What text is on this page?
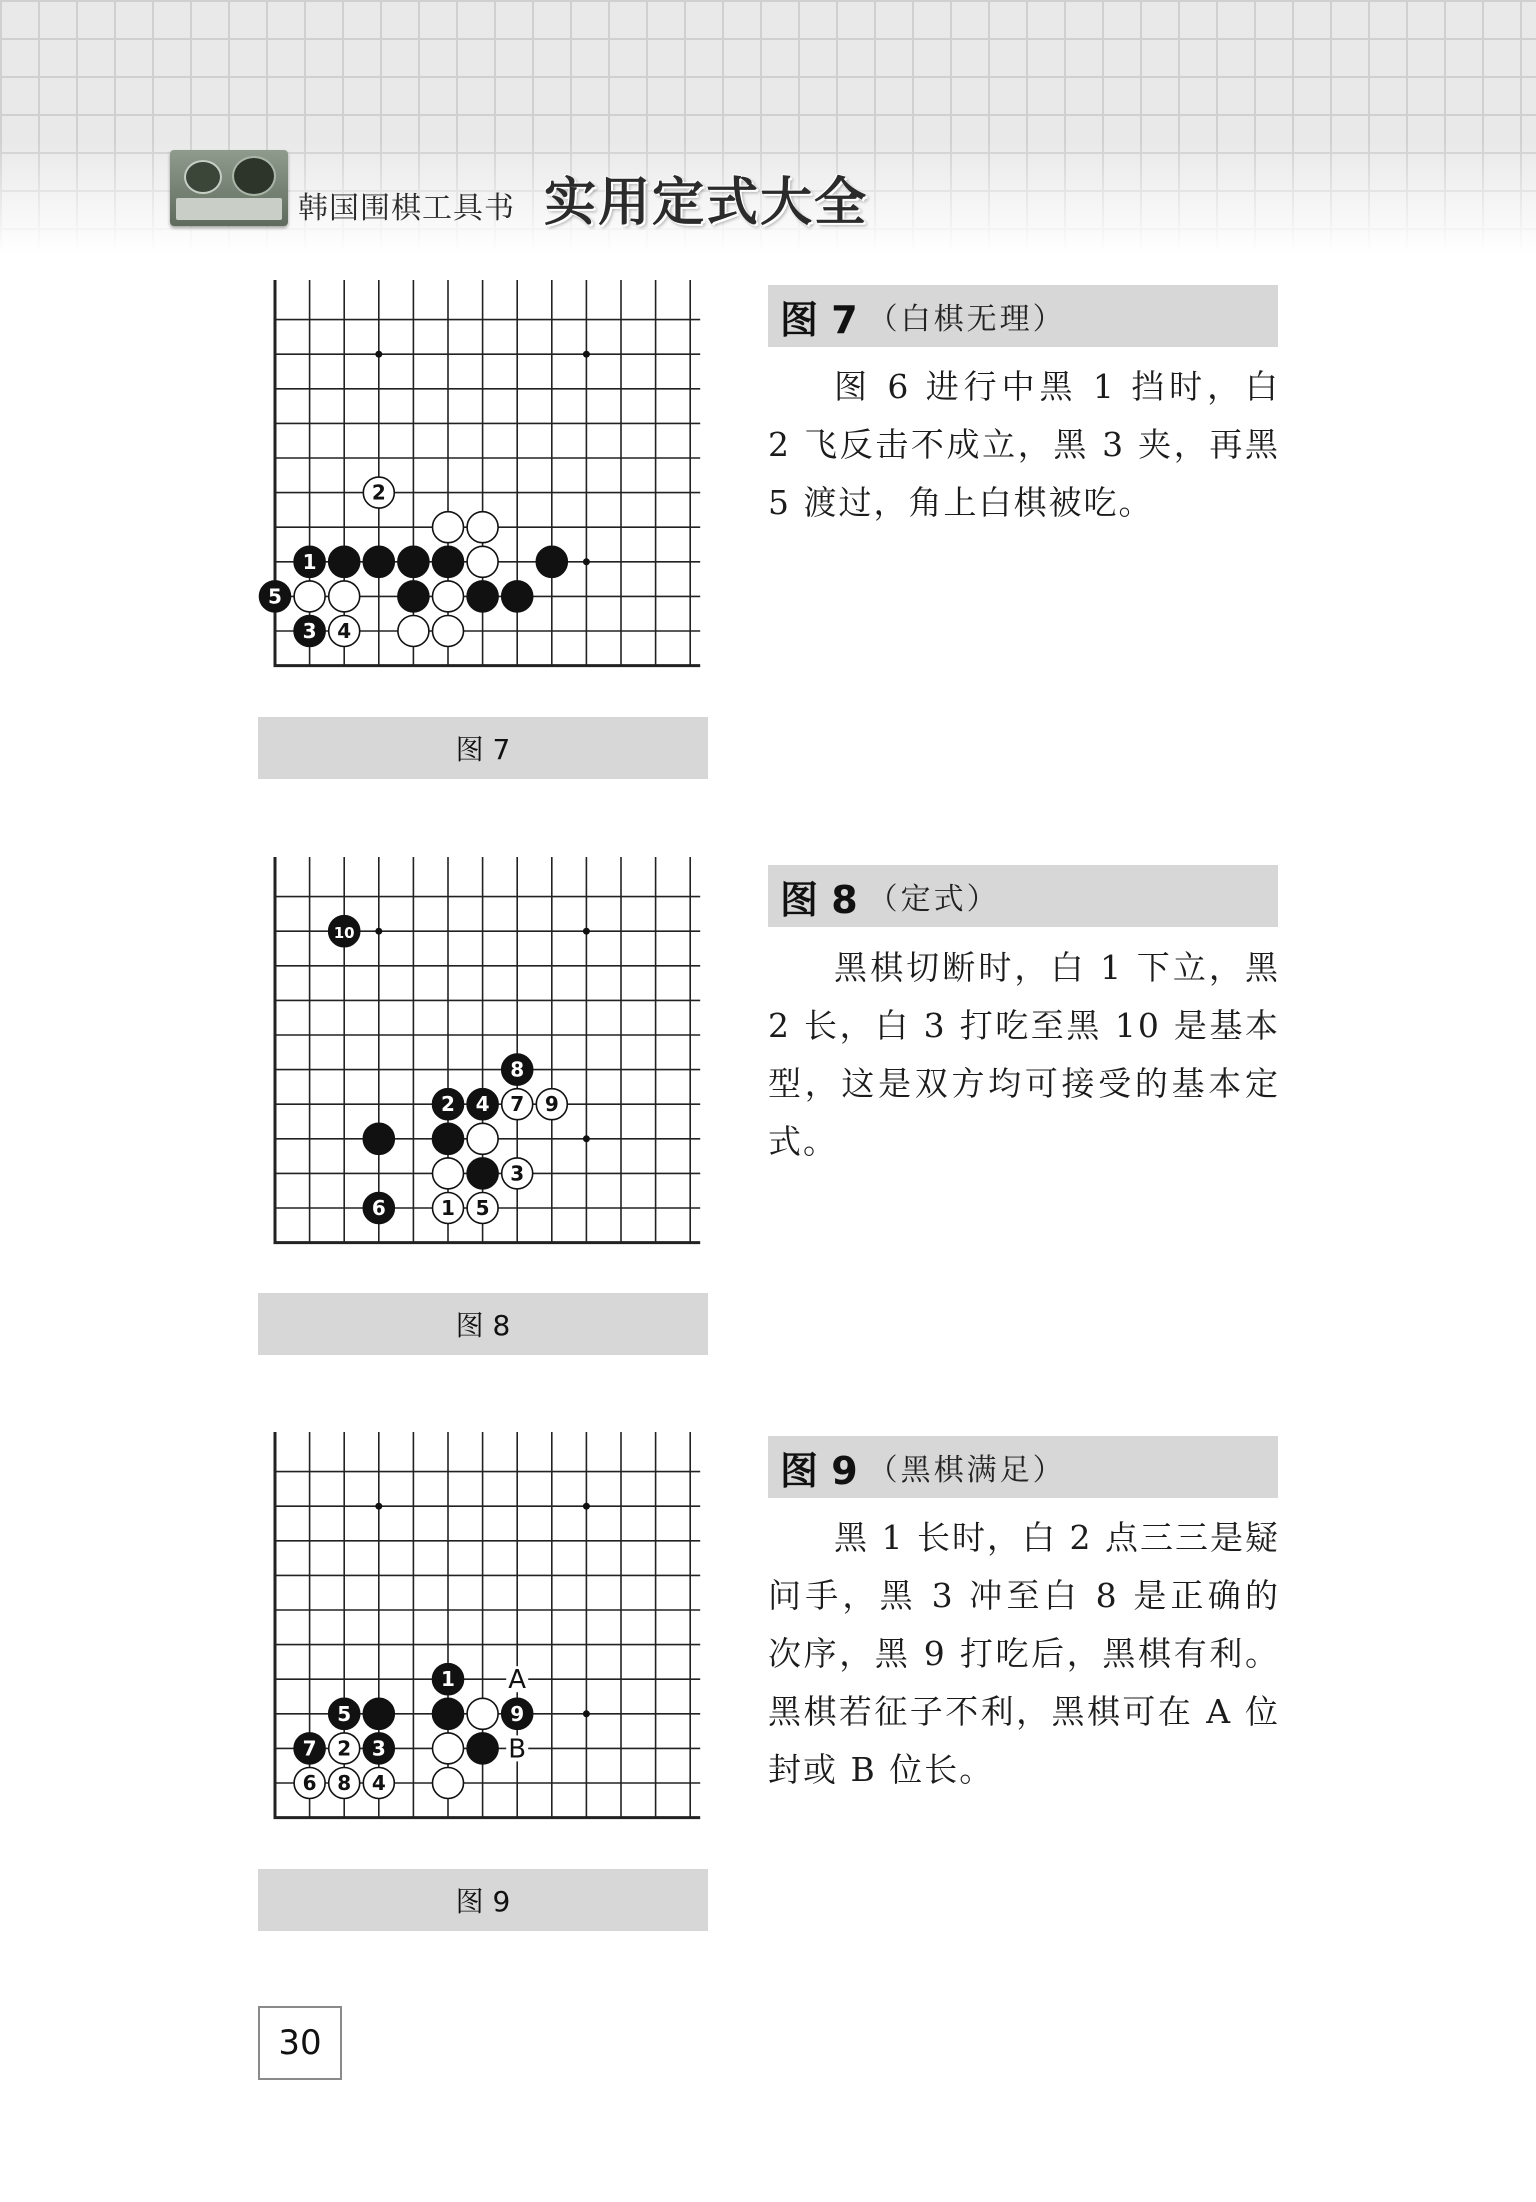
韩国围棋工具书 实用定式大全
2
1
5
3 4
图 7
图 7 （白棋无理）
图 6 进行中黑 1 挡时，白 2 飞反击不成立，黑 3 夹，再黑 5 渡过，角上白棋被吃。
10
8
2 4 7 9
3
6	1 5
图 8
图 8 （定式）
黑棋切断时，白 1 下立，黑 2 长，白 3 打吃至黑 10 是基本型，这是双方均可接受的基本定式。
1
5	9
7 2 3
6 8 4
A
B
图 9
图 9 （黑棋满足）
黑 1 长时，白 2 点三三是疑问手，黑 3 冲至白 8 是正确的次序，黑 9 打吃后，黑棋有利。黑棋若征子不利，黑棋可在 A 位封或 B 位长。
30
